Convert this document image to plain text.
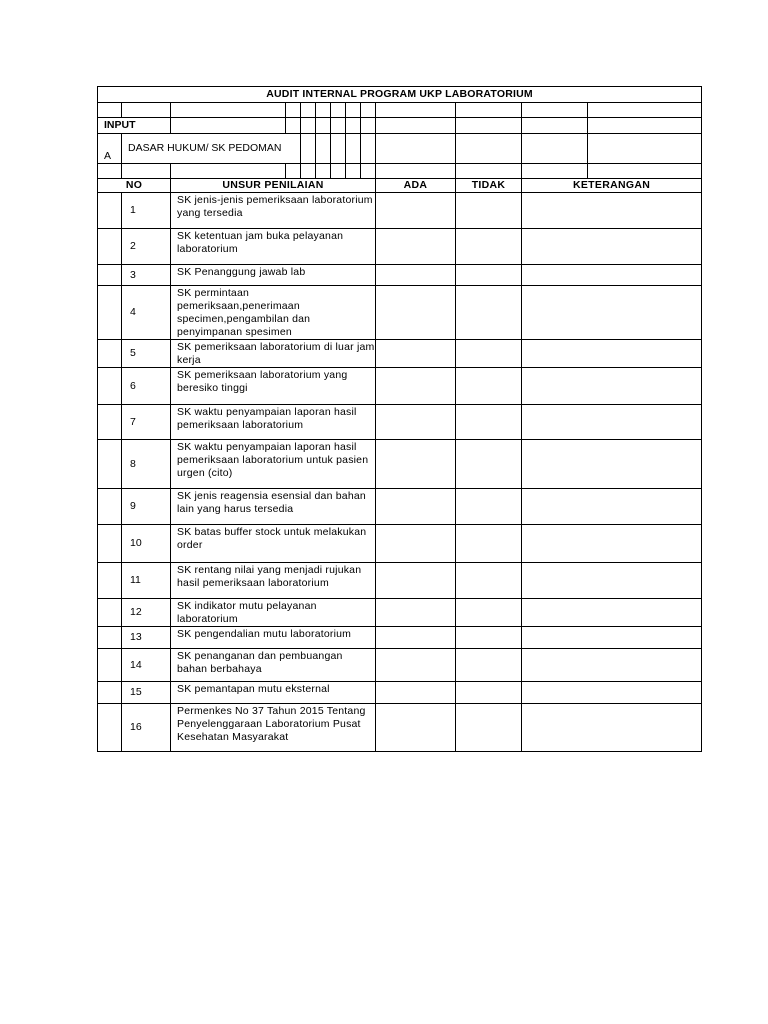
AUDIT INTERNAL PROGRAM UKP LABORATORIUM												

INPUT												
A	DASAR HUKUM/ SK PEDOMAN											

NO		UNSUR PENILAIAN							ADA	TIDAK	KETERANGAN	
	1	SK jenis-jenis pemeriksaan laboratorium yang tersedia										
	2	SK ketentuan jam buka pelayanan laboratorium										
	3	SK Penanggung jawab lab										
	4	SK permintaan pemeriksaan,penerimaan specimen,pengambilan dan penyimpanan spesimen										
	5	SK pemeriksaan laboratorium di luar jam kerja										
	6	SK pemeriksaan laboratorium yang beresiko tinggi										
	7	SK waktu penyampaian laporan hasil pemeriksaan laboratorium										
	8	SK waktu penyampaian laporan hasil pemeriksaan laboratorium untuk pasien urgen (cito)										
	9	SK jenis reagensia esensial dan bahan lain yang harus tersedia										
	10	SK batas buffer stock untuk melakukan order										
	11	SK rentang nilai yang menjadi rujukan hasil pemeriksaan laboratorium										
	12	SK indikator mutu pelayanan laboratorium										
	13	SK pengendalian mutu laboratorium										
	14	SK penanganan dan pembuangan bahan berbahaya										
	15	SK pemantapan mutu eksternal										
	16	Permenkes No 37 Tahun 2015 Tentang Penyelenggaraan Laboratorium Pusat Kesehatan Masyarakat										
